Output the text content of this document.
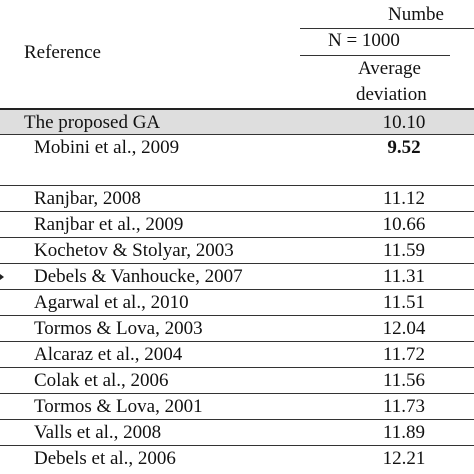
Numbe
N = 1000
Reference
Average
deviation
The proposed GA	10.10
Mobini et al., 2009	9.52
Ranjbar, 2008	11.12
Ranjbar et al., 2009	10.66
Kochetov & Stolyar, 2003	11.59
Debels & Vanhoucke, 2007	11.31
Agarwal et al., 2010	11.51
Tormos & Lova, 2003	12.04
Alcaraz et al., 2004	11.72
Colak et al., 2006	11.56
Tormos & Lova, 2001	11.73
Valls et al., 2008	11.89
Debels et al., 2006	12.21
